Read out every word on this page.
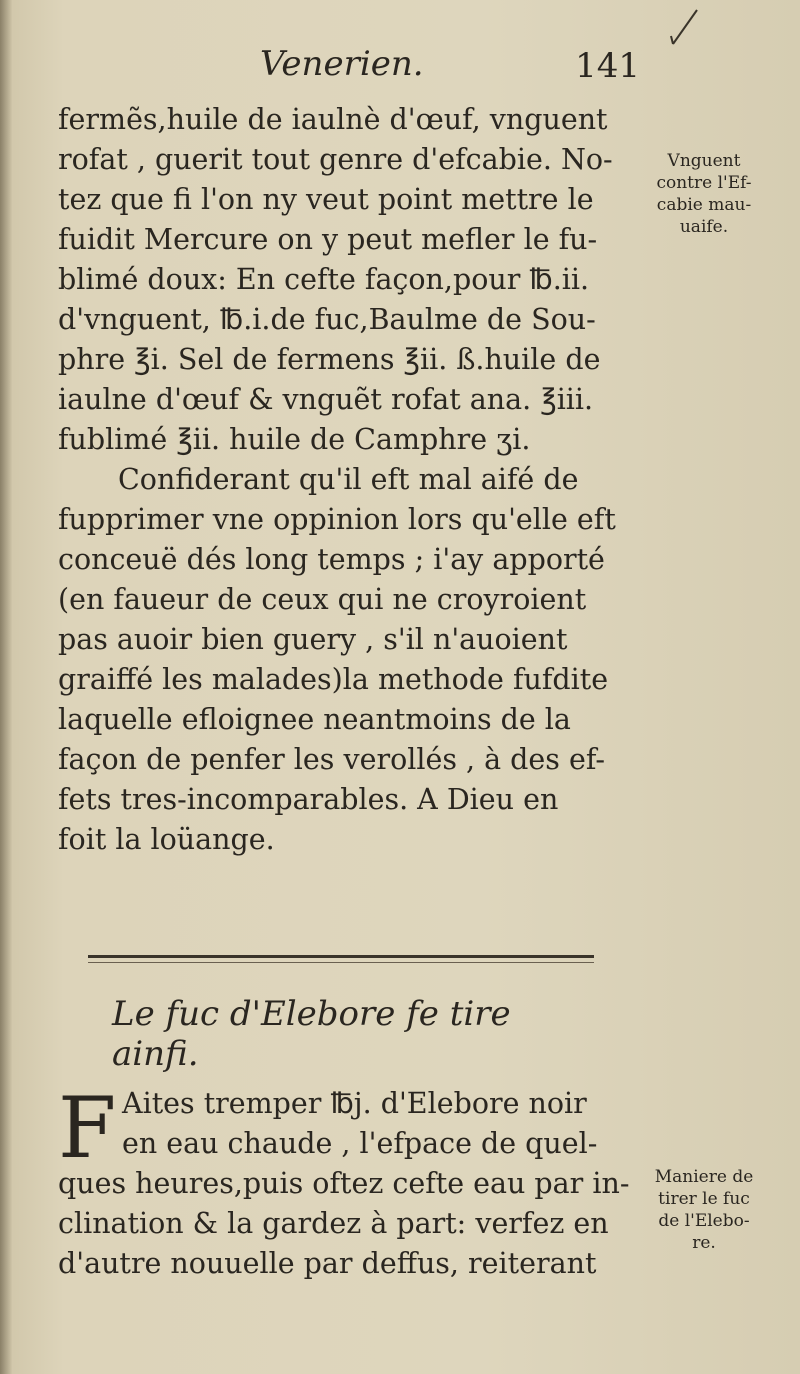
Venerien.	141
fermẽs,huile de iaulnè d'œuf, vnguent
rofat , guerit tout genre d'efcabie. No-
tez que fi l'on ny veut point mettre le
fuidit Mercure on y peut mefler le fu-
blimé doux: En cefte façon,pour ℔.ii.
d'vnguent, ℔.i.de fuc,Baulme de Sou-
phre ℥i. Sel de fermens ℥ii. ß.huile de
iaulne d'œuf & vnguẽt rofat ana. ℥iii.
fublimé ℥ii. huile de Camphre ʒi.
Confiderant qu'il eft mal aifé de
fupprimer vne oppinion lors qu'elle eft
conceuë dés long temps ; i'ay apporté
(en faueur de ceux qui ne croyroient
pas auoir bien guery , s'il n'auoient
graiffé les malades)la methode fufdite
laquelle efloignee neantmoins de la
façon de penfer les verollés , à des ef-
fets tres-incomparables. A Dieu en
foit la loüange.
Vnguent
contre l'Ef-
cabie mau-
uaife.
Le fuc d'Elebore fe tire ainfi.
F Aites tremper ℔j. d'Elebore noir
en eau chaude , l'efpace de quel-
ques heures,puis oftez cefte eau par in-
clination & la gardez à part: verfez en
d'autre nouuelle par deffus, reiterant
Maniere de
tirer le fuc
de l'Elebo-
re.
